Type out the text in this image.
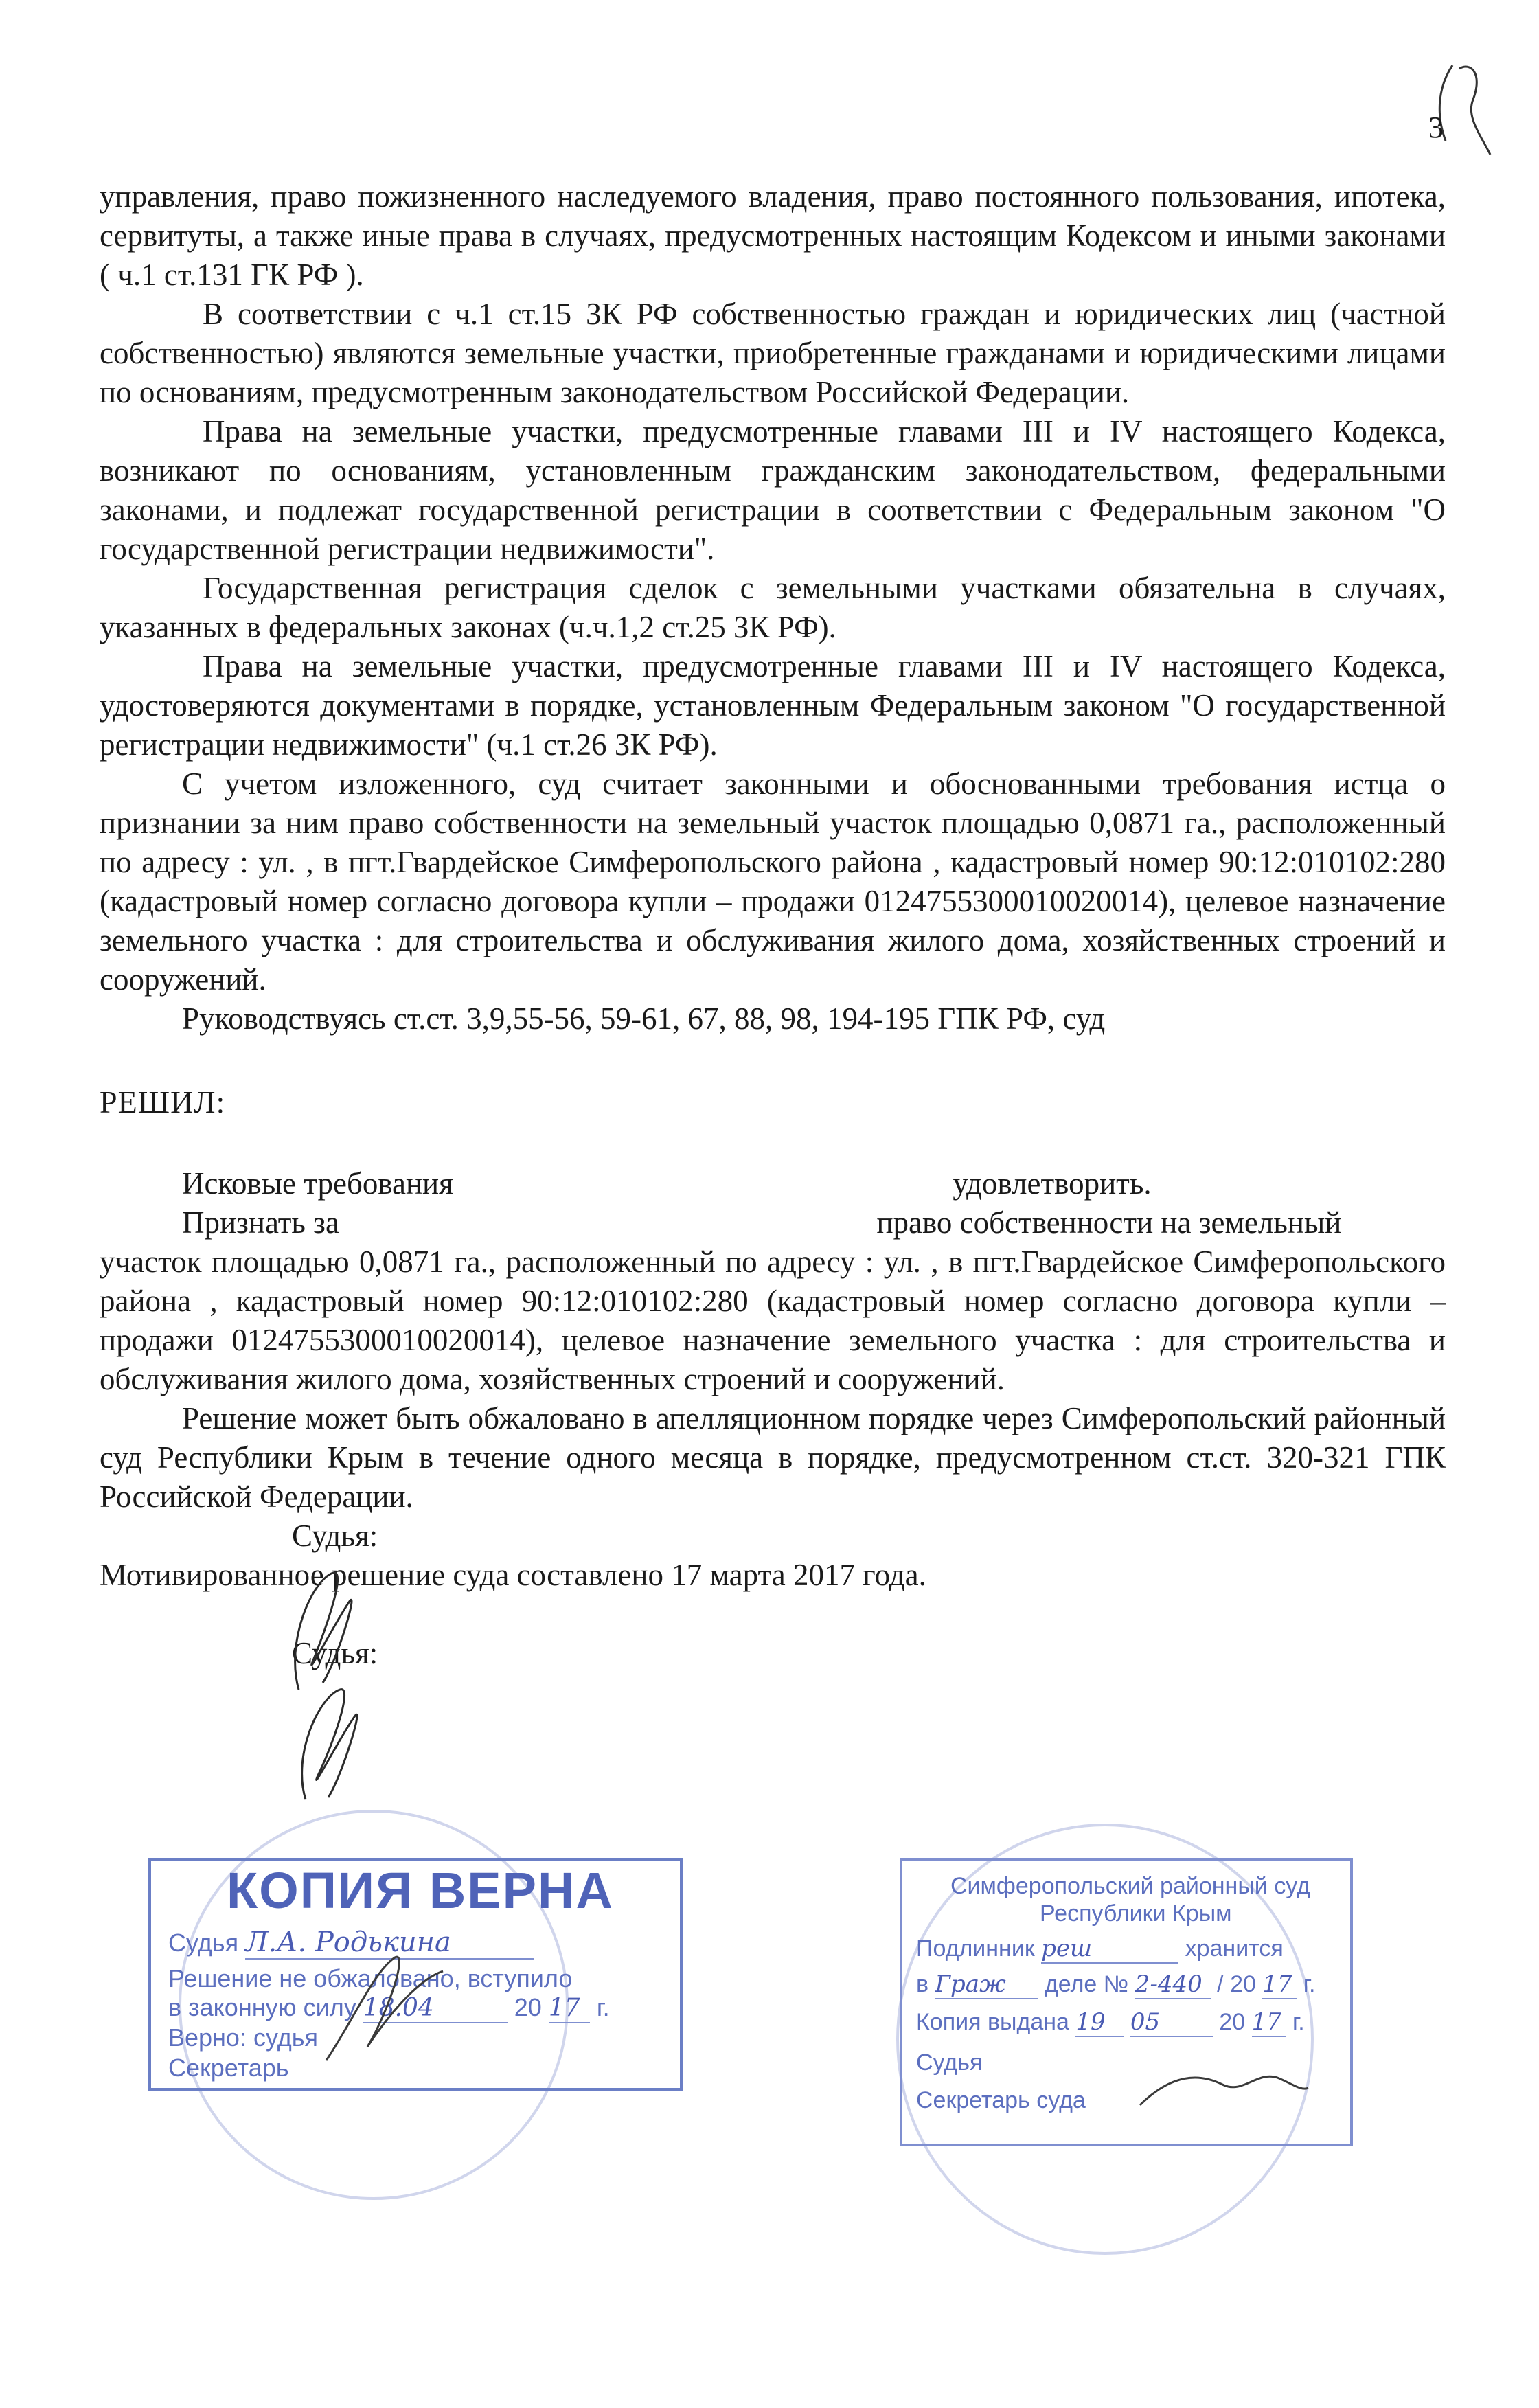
3

управления, право пожизненного наследуемого владения, право постоянного пользования, ипотека, сервитуты, а также иные права в случаях, предусмотренных настоящим Кодексом и иными законами ( ч.1 ст.131 ГК РФ ).

В соответствии с ч.1 ст.15 ЗК РФ собственностью граждан и юридических лиц (частной собственностью) являются земельные участки, приобретенные гражданами и юридическими лицами по основаниям, предусмотренным законодательством Российской Федерации.

Права на земельные участки, предусмотренные главами III и IV настоящего Кодекса, возникают по основаниям, установленным гражданским законодательством, федеральными законами, и подлежат государственной регистрации в соответствии с Федеральным законом "О государственной регистрации недвижимости".

Государственная регистрация сделок с земельными участками обязательна в случаях, указанных в федеральных законах (ч.ч.1,2 ст.25 ЗК РФ).

Права на земельные участки, предусмотренные главами III и IV настоящего Кодекса, удостоверяются документами в порядке, установленным Федеральным законом "О государственной регистрации недвижимости" (ч.1 ст.26 ЗК РФ).

С учетом изложенного, суд считает законными и обоснованными требования истца о признании за ним право собственности на земельный участок площадью 0,0871 га., расположенный по адресу : ул. , в пгт.Гвардейское Симферопольского района , кадастровый номер 90:12:010102:280 (кадастровый номер согласно договора купли – продажи 0124755300010020014), целевое назначение земельного участка : для строительства и обслуживания жилого дома, хозяйственных строений и сооружений.

Руководствуясь ст.ст. 3,9,55-56, 59-61, 67, 88, 98, 194-195 ГПК РФ, суд

РЕШИЛ:

Исковые требования	удовлетворить.

Признать за	право собственности на земельный

участок площадью 0,0871 га., расположенный по адресу : ул. , в пгт.Гвардейское Симферопольского района , кадастровый номер 90:12:010102:280 (кадастровый номер согласно договора купли – продажи 0124755300010020014), целевое назначение земельного участка : для строительства и обслуживания жилого дома, хозяйственных строений и сооружений.

Решение может быть обжаловано в апелляционном порядке через Симферопольский районный суд Республики Крым в течение одного месяца в порядке, предусмотренном ст.ст. 320-321 ГПК Российской Федерации.

Судья:

Мотивированное решение суда составлено 17 марта 2017 года.

Судья:

КОПИЯ ВЕРНА
Судья Л.А. Родькина
Решение не обжаловано, вступило
в законную силу 18.04	20 17 г.
Верно: судья
Секретарь
Симферопольский районный суд
Республики Крым
Подлинник реш	хранится
в Граж деле № 2-440 / 20 17 г.
Копия выдана 19 05	20 17 г.
Судья
Секретарь суда
